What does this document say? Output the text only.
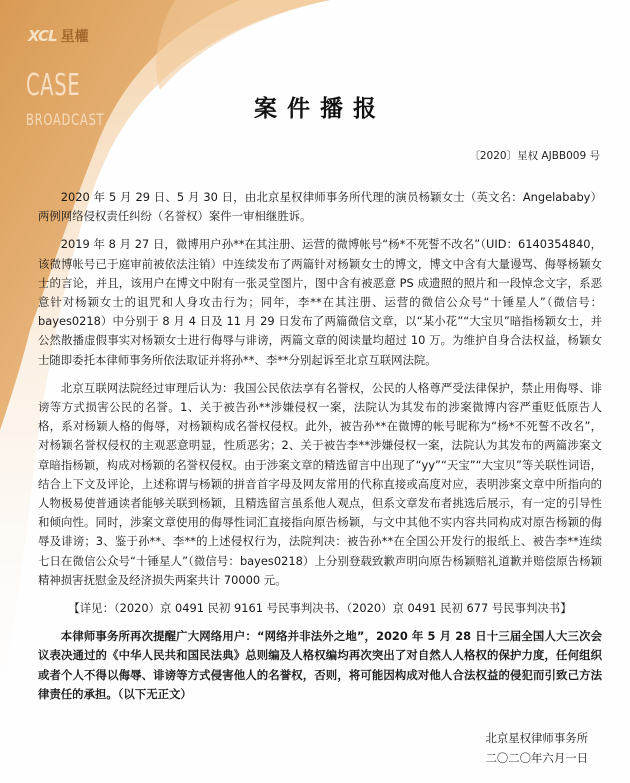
XCL 星權
CASE
BROADCAST	案件播报
〔2020〕星权 AJBB009 号

2020 年 5 月 29 日、5 月 30 日，由北京星权律师事务所代理的演员杨颖女士（英文名：Angelababy）两例网络侵权责任纠纷（名誉权）案件一审相继胜诉。

2019 年 8 月 27 日，微博用户孙**在其注册、运营的微博帐号“杨*不死誓不改名”（UID：6140354840，该微博帐号已于庭审前被依法注销）中连续发布了两篇针对杨颖女士的博文，博文中含有大量谩骂、侮辱杨颖女士的言论，并且，该用户在博文中附有一张灵堂图片，图中含有被恶意 PS 成遗照的照片和一段悼念文字，系恶意针对杨颖女士的诅咒和人身攻击行为；同年，李**在其注册、运营的微信公众号“十锤星人”（微信号：bayes0218）中分别于 8 月 4 日及 11 月 29 日发布了两篇微信文章，以“某小花”“大宝贝”暗指杨颖女士，并公然散播虚假事实对杨颖女士进行侮辱与诽谤，两篇文章的阅读量均超过 10 万。为维护自身合法权益，杨颖女士随即委托本律师事务所依法取证并将孙**、李**分别起诉至北京互联网法院。

北京互联网法院经过审理后认为：我国公民依法享有名誉权，公民的人格尊严受法律保护，禁止用侮辱、诽谤等方式损害公民的名誉。1、关于被告孙**涉嫌侵权一案，法院认为其发布的涉案微博内容严重贬低原告人格，系对杨颖人格的侮辱，对杨颖构成名誉权侵权。此外，被告孙**在微博的帐号昵称为“杨*不死誓不改名”，对杨颖名誉权侵权的主观恶意明显，性质恶劣；2、关于被告李**涉嫌侵权一案，法院认为其发布的两篇涉案文章暗指杨颖，构成对杨颖的名誉权侵权。由于涉案文章的精选留言中出现了“yy”“天宝”“大宝贝”等关联性词语，结合上下文及评论，上述称谓与杨颖的拼音首字母及网友常用的代称直接或高度对应，表明涉案文章中所指向的人物极易使普通读者能够关联到杨颖，且精选留言虽系他人观点，但系文章发布者挑选后展示，有一定的引导性和倾向性。同时，涉案文章使用的侮辱性词汇直接指向原告杨颖，与文中其他不实内容共同构成对原告杨颖的侮辱及诽谤；3、鉴于孙**、李**的上述侵权行为，法院判决：被告孙**在全国公开发行的报纸上、被告李**连续七日在微信公众号“十锤星人”（微信号：bayes0218）上分别登载致歉声明向原告杨颖赔礼道歉并赔偿原告杨颖精神损害抚慰金及经济损失两案共计 70000 元。

【详见：（2020）京 0491 民初 9161 号民事判决书、（2020）京 0491 民初 677 号民事判决书】

本律师事务所再次提醒广大网络用户：“网络并非法外之地”，2020 年 5 月 28 日十三届全国人大三次会议表决通过的《中华人民共和国民法典》总则编及人格权编均再次突出了对自然人人格权的保护力度，任何组织或者个人不得以侮辱、诽谤等方式侵害他人的名誉权，否则，将可能因构成对他人合法权益的侵犯而引致己方法律责任的承担。（以下无正文）

北京星权律师事务所
二〇二〇年六月一日
